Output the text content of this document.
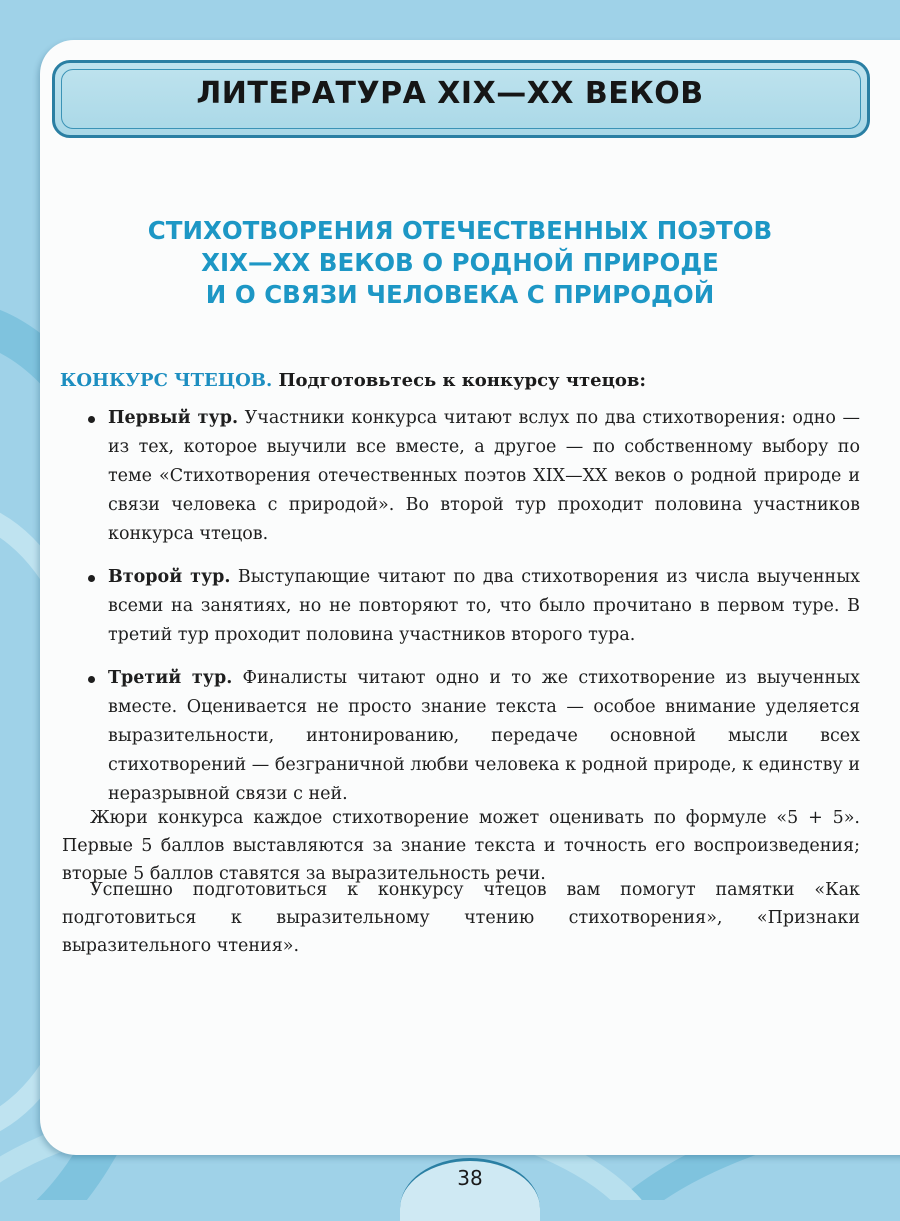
ЛИТЕРАТУРА XIX—XX ВЕКОВ
СТИХОТВОРЕНИЯ ОТЕЧЕСТВЕННЫХ ПОЭТОВ
XIX—XX ВЕКОВ О РОДНОЙ ПРИРОДЕ
И О СВЯЗИ ЧЕЛОВЕКА С ПРИРОДОЙ
КОНКУРС ЧТЕЦОВ. Подготовьтесь к конкурсу чтецов:
Первый тур. Участники конкурса читают вслух по два стихотворения: одно — из тех, которое выучили все вместе, а другое — по собственному выбору по теме «Стихотворения отечественных поэтов XIX—XX веков о родной природе и связи человека с природой». Во второй тур проходит половина участников конкурса чтецов.
Второй тур. Выступающие читают по два стихотворения из числа выученных всеми на занятиях, но не повторяют то, что было прочитано в первом туре. В третий тур проходит половина участников второго тура.
Третий тур. Финалисты читают одно и то же стихотворение из выученных вместе. Оценивается не просто знание текста — особое внимание уделяется выразительности, интонированию, передаче основной мысли всех стихотворений — безграничной любви человека к родной природе, к единству и неразрывной связи с ней.

Жюри конкурса каждое стихотворение может оценивать по формуле «5 + 5». Первые 5 баллов выставляются за знание текста и точность его воспроизведения; вторые 5 баллов ставятся за выразительность речи.

Успешно подготовиться к конкурсу чтецов вам помогут памятки «Как подготовиться к выразительному чтению стихотворения», «Признаки выразительного чтения».

38
